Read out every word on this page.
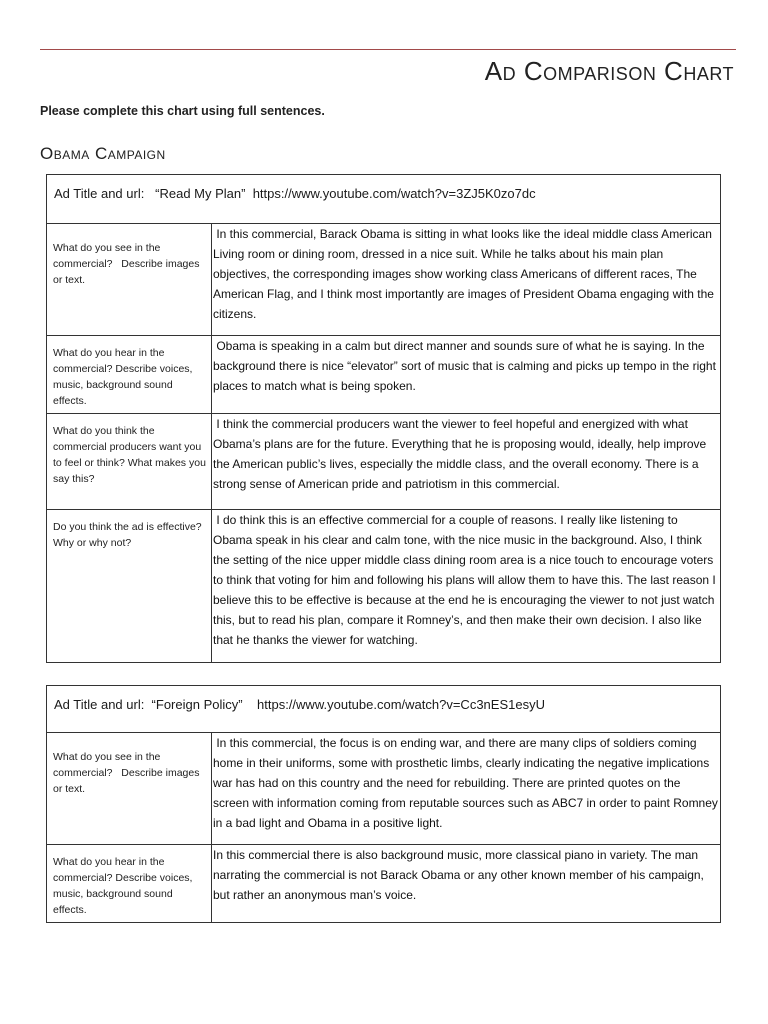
Ad Comparison Chart
Please complete this chart using full sentences.
Obama Campaign
Ad Title and url:   “Read My Plan”  https://www.youtube.com/watch?v=3ZJ5K0zo7dc	
What do you see in the commercial?   Describe images or text.	In this commercial, Barack Obama is sitting in what looks like the ideal middle class American Living room or dining room, dressed in a nice suit. While he talks about his main plan objectives, the corresponding images show working class Americans of different races, The American Flag, and I think most importantly are images of President Obama engaging with the citizens.
What do you hear in the commercial? Describe voices, music, background sound effects.	Obama is speaking in a calm but direct manner and sounds sure of what he is saying. In the background there is nice “elevator” sort of music that is calming and picks up tempo in the right places to match what is being spoken.
What do you think the commercial producers want you to feel or think? What makes you say this?	I think the commercial producers want the viewer to feel hopeful and energized with what Obama’s plans are for the future. Everything that he is proposing would, ideally, help improve the American public’s lives, especially the middle class, and the overall economy. There is a strong sense of American pride and patriotism in this commercial.
Do you think the ad is effective? Why or why not?	I do think this is an effective commercial for a couple of reasons. I really like listening to Obama speak in his clear and calm tone, with the nice music in the background. Also, I think the setting of the nice upper middle class dining room area is a nice touch to encourage voters to think that voting for him and following his plans will allow them to have this. The last reason I believe this to be effective is because at the end he is encouraging the viewer to not just watch this, but to read his plan, compare it Romney’s, and then make their own decision. I also like that he thanks the viewer for watching.
Ad Title and url:  “Foreign Policy”    https://www.youtube.com/watch?v=Cc3nES1esyU	
What do you see in the commercial?   Describe images or text.	In this commercial, the focus is on ending war, and there are many clips of soldiers coming home in their uniforms, some with prosthetic limbs, clearly indicating the negative implications war has had on this country and the need for rebuilding. There are printed quotes on the screen with information coming from reputable sources such as ABC7 in order to paint Romney in a bad light and Obama in a positive light.
What do you hear in the commercial? Describe voices, music, background sound effects.	In this commercial there is also background music, more classical piano in variety. The man narrating the commercial is not Barack Obama or any other known member of his campaign, but rather an anonymous man’s voice.
